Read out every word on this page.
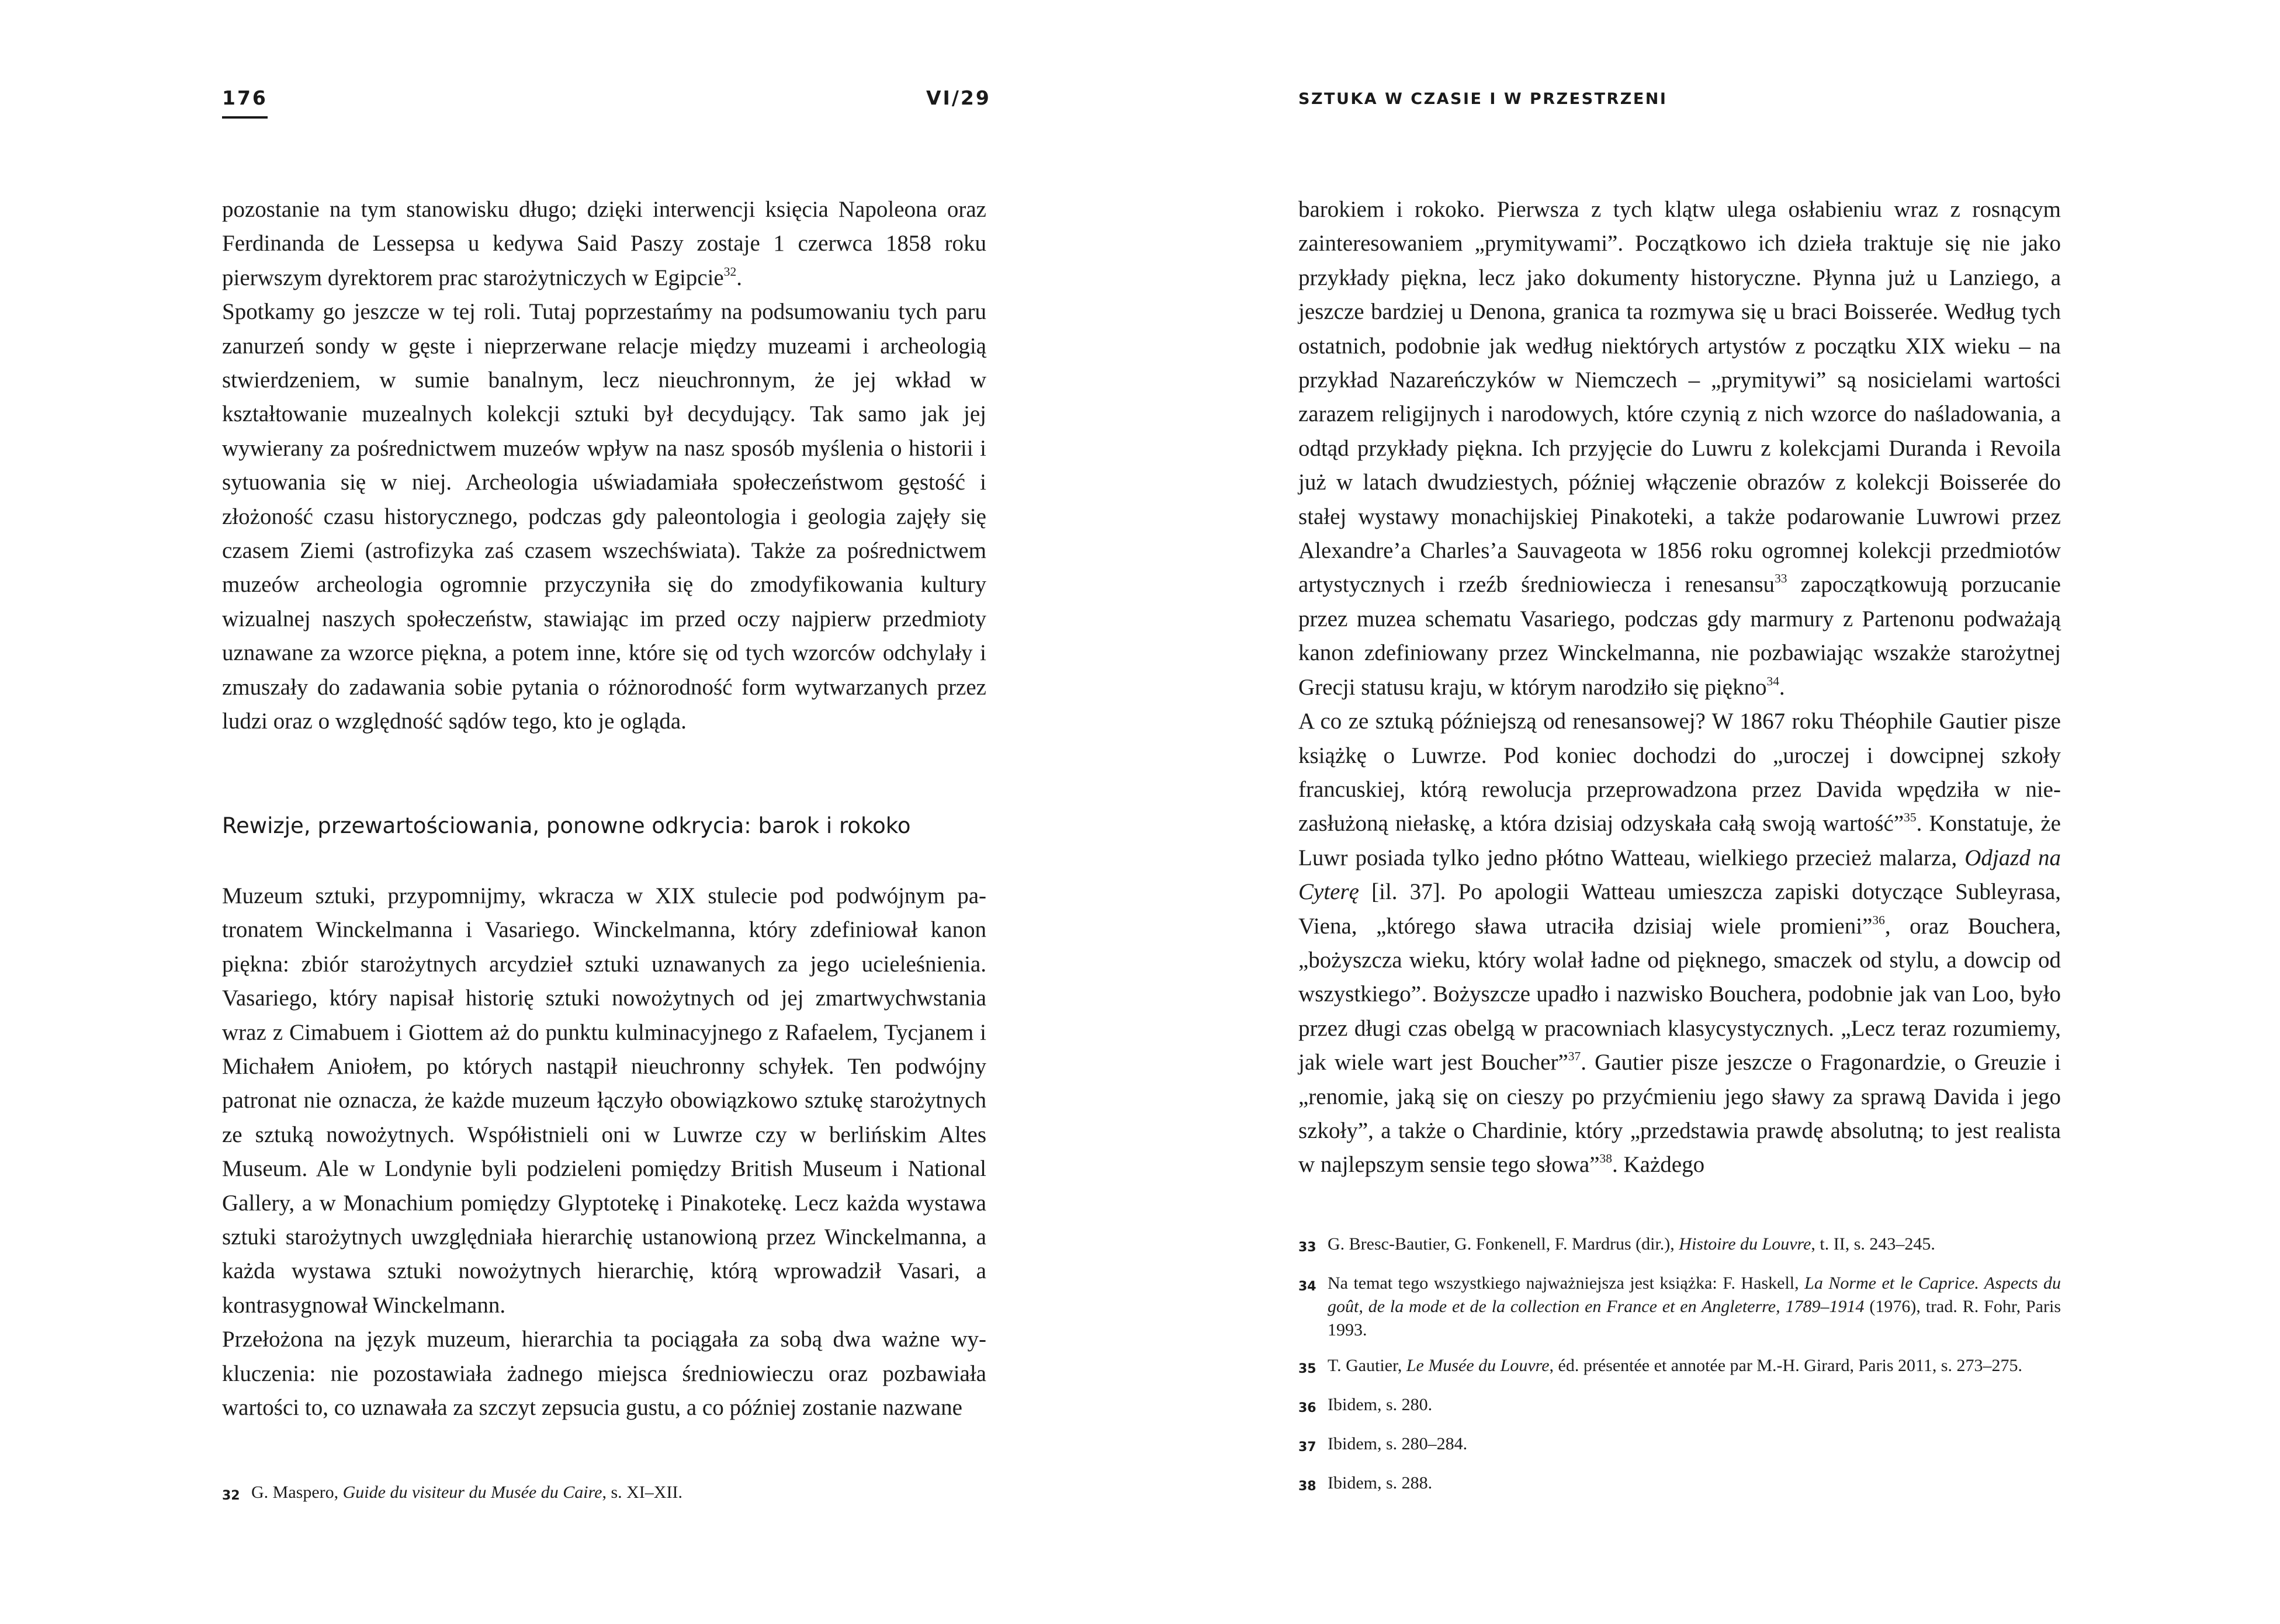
176	VI/29

pozostanie na tym stanowisku długo; dzięki interwencji księcia Napoleona oraz Ferdinanda de Lessepsa u kedywa Said Paszy zostaje 1 czerwca 1858 roku pierwszym dyrektorem prac starożytniczych w Egipcie$^{32}$.

Spotkamy go jeszcze w tej roli. Tutaj poprzestańmy na podsumowaniu tych paru zanurzeń sondy w gęste i nieprzerwane relacje między muzeami i archeologią stwierdzeniem, w sumie banalnym, lecz nieuchronnym, że jej wkład w kształtowanie muzealnych kolekcji sztuki był decydujący. Tak samo jak jej wywierany za pośrednictwem muzeów wpływ na nasz sposób myślenia o historii i sytuowania się w niej. Archeologia uświadamiała społeczeństwom gęstość i złożoność czasu historycznego, podczas gdy paleontologia i geologia zajęły się czasem Ziemi (astrofizyka zaś czasem wszechświata). Także za pośrednictwem muzeów archeologia ogromnie przyczyniła się do zmodyfikowania kultury wizualnej naszych społeczeństw, stawiając im przed oczy najpierw przedmioty uznawane za wzorce piękna, a potem inne, które się od tych wzorców odchylały i zmuszały do zadawania sobie pytania o różnorodność form wytwarzanych przez ludzi oraz o względność sądów tego, kto je ogląda.

Rewizje, przewartościowania, ponowne odkrycia: barok i rokoko

Muzeum sztuki, przypomnijmy, wkracza w XIX stulecie pod podwójnym patronatem Winckelmanna i Vasariego. Winckelmanna, który zdefiniował kanon piękna: zbiór starożytnych arcydzieł sztuki uznawanych za jego ucieleśnienia. Vasariego, który napisał historię sztuki nowożytnych od jej zmartwychwstania wraz z Cimabuem i Giottem aż do punktu kulminacyjnego z Rafaelem, Tycjanem i Michałem Aniołem, po których nastąpił nieuchronny schyłek. Ten podwójny patronat nie oznacza, że każde muzeum łączyło obowiązkowo sztukę starożytnych ze sztuką nowożytnych. Współistnieli oni w Luwrze czy w berlińskim Altes Museum. Ale w Londynie byli podzieleni pomiędzy British Museum i National Gallery, a w Monachium pomiędzy Glyptotekę i Pinakotekę. Lecz każda wystawa sztuki starożytnych uwzględniała hierarchię ustanowioną przez Winckelmanna, a każda wystawa sztuki nowożytnych hierarchię, którą wprowadził Vasari, a kontrasygnował Winckelmann.

Przełożona na język muzeum, hierarchia ta pociągała za sobą dwa ważne wykluczenia: nie pozostawiała żadnego miejsca średniowieczu oraz pozbawiała wartości to, co uznawała za szczyt zepsucia gustu, a co później zostanie nazwane

32 G. Maspero, Guide du visiteur du Musée du Caire, s. XI–XII.
SZTUKA W CZASIE I W PRZESTRZENI

barokiem i rokoko. Pierwsza z tych klątw ulega osłabieniu wraz z rosnącym zainteresowaniem „prymitywami”. Początkowo ich dzieła traktuje się nie jako przykłady piękna, lecz jako dokumenty historyczne. Płynna już u Lanziego, a jeszcze bardziej u Denona, granica ta rozmywa się u braci Boisserée. Według tych ostatnich, podobnie jak według niektórych artystów z początku XIX wieku – na przykład Nazareńczyków w Niemczech – „prymitywi” są nosicielami wartości zarazem religijnych i narodowych, które czynią z nich wzorce do naśladowania, a odtąd przykłady piękna. Ich przyjęcie do Luwru z kolekcjami Duranda i Revoila już w latach dwudziestych, później włączenie obrazów z kolekcji Boisserée do stałej wystawy monachijskiej Pinakoteki, a także podarowanie Luwrowi przez Alexandre’a Charles’a Sauvageota w 1856 roku ogromnej kolekcji przedmiotów artystycznych i rzeźb średniowiecza i renesansu$^{33}$ zapoczątkowują porzucanie przez muzea schematu Vasariego, podczas gdy marmury z Partenonu podważają kanon zdefiniowany przez Winckelmanna, nie pozbawiając wszakże starożytnej Grecji statusu kraju, w którym narodziło się piękno$^{34}$.

A co ze sztuką późniejszą od renesansowej? W 1867 roku Théophile Gautier pisze książkę o Luwrze. Pod koniec dochodzi do „uroczej i dowcipnej szkoły francuskiej, którą rewolucja przeprowadzona przez Davida wpędziła w niezasłużoną niełaskę, a która dzisiaj odzyskała całą swoją wartość”$^{35}$. Konstatuje, że Luwr posiada tylko jedno płótno Watteau, wielkiego przecież malarza, Odjazd na Cyterę [il. 37]. Po apologii Watteau umieszcza zapiski dotyczące Subleyrasa, Viena, „którego sława utraciła dzisiaj wiele promieni”$^{36}$, oraz Bouchera, „bożyszcza wieku, który wolał ładne od pięknego, smaczek od stylu, a dowcip od wszystkiego”. Bożyszcze upadło i nazwisko Bouchera, podobnie jak van Loo, było przez długi czas obelgą w pracowniach klasycystycznych. „Lecz teraz rozumiemy, jak wiele wart jest Boucher”$^{37}$. Gautier pisze jeszcze o Fragonardzie, o Greuzie i „renomie, jaką się on cieszy po przyćmieniu jego sławy za sprawą Davida i jego szkoły”, a także o Chardinie, który „przedstawia prawdę absolutną; to jest realista w najlepszym sensie tego słowa”$^{38}$. Każdego

33 G. Bresc-Bautier, G. Fonkenell, F. Mardrus (dir.), Histoire du Louvre, t. II, s. 243–245.
34 Na temat tego wszystkiego najważniejsza jest książka: F. Haskell, La Norme et le Caprice. Aspects du goût, de la mode et de la collection en France et en Angleterre, 1789–1914 (1976), trad. R. Fohr, Paris 1993.
35 T. Gautier, Le Musée du Louvre, éd. présentée et annotée par M.-H. Girard, Paris 2011, s. 273–275.
36 Ibidem, s. 280.
37 Ibidem, s. 280–284.
38 Ibidem, s. 288.
